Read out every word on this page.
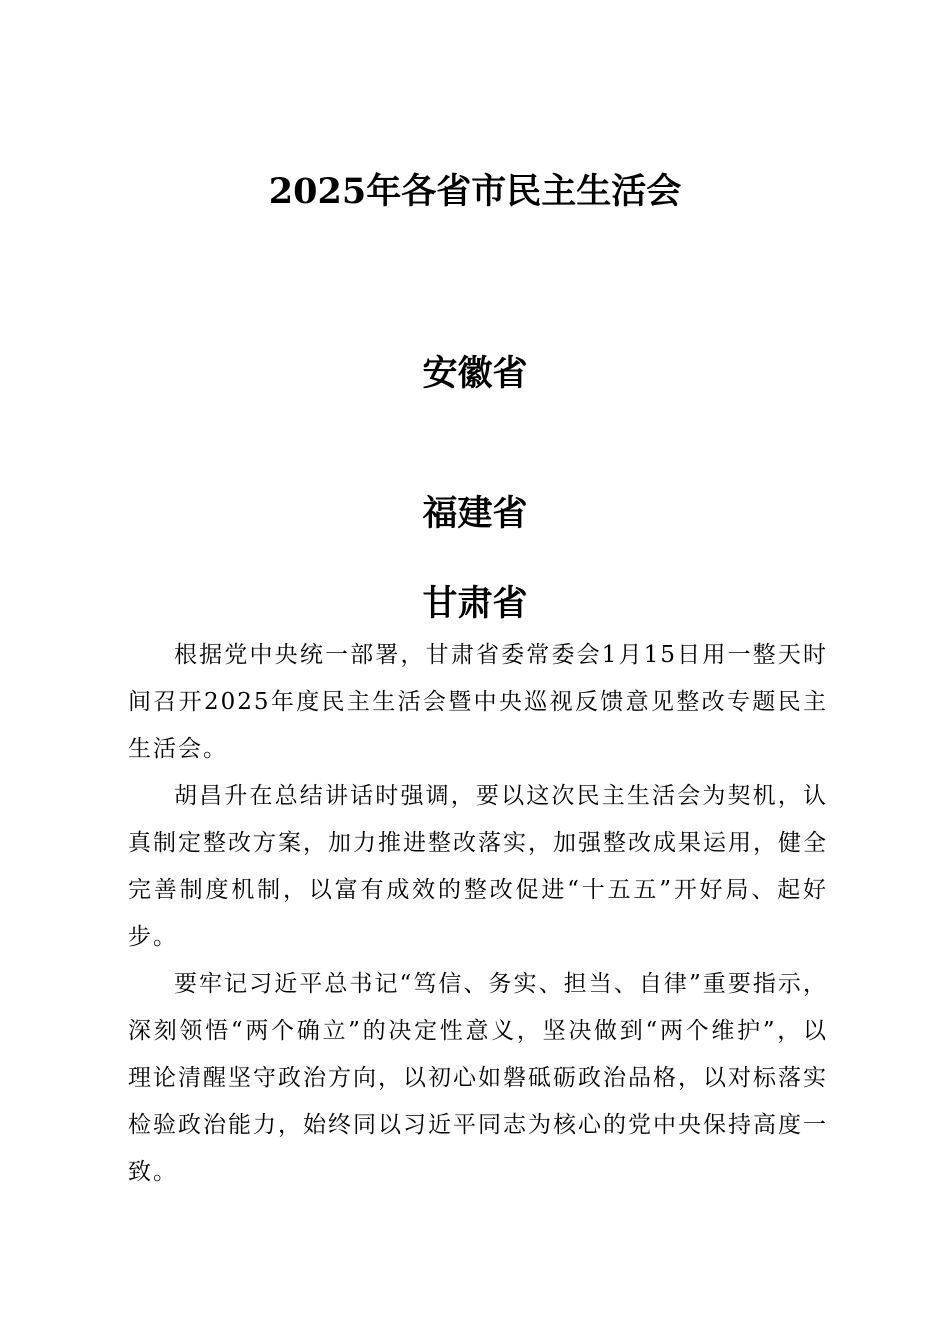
2025年各省市民主生活会
安徽省
福建省
甘肃省

根据党中央统一部署，甘肃省委常委会1月15日用一整天时间召开2025年度民主生活会暨中央巡视反馈意见整改专题民主生活会。

胡昌升在总结讲话时强调，要以这次民主生活会为契机，认真制定整改方案，加力推进整改落实，加强整改成果运用，健全完善制度机制，以富有成效的整改促进“十五五”开好局、起好步。

要牢记习近平总书记“笃信、务实、担当、自律”重要指示，深刻领悟“两个确立”的决定性意义，坚决做到“两个维护”，以理论清醒坚守政治方向，以初心如磐砥砺政治品格，以对标落实检验政治能力，始终同以习近平同志为核心的党中央保持高度一致。
